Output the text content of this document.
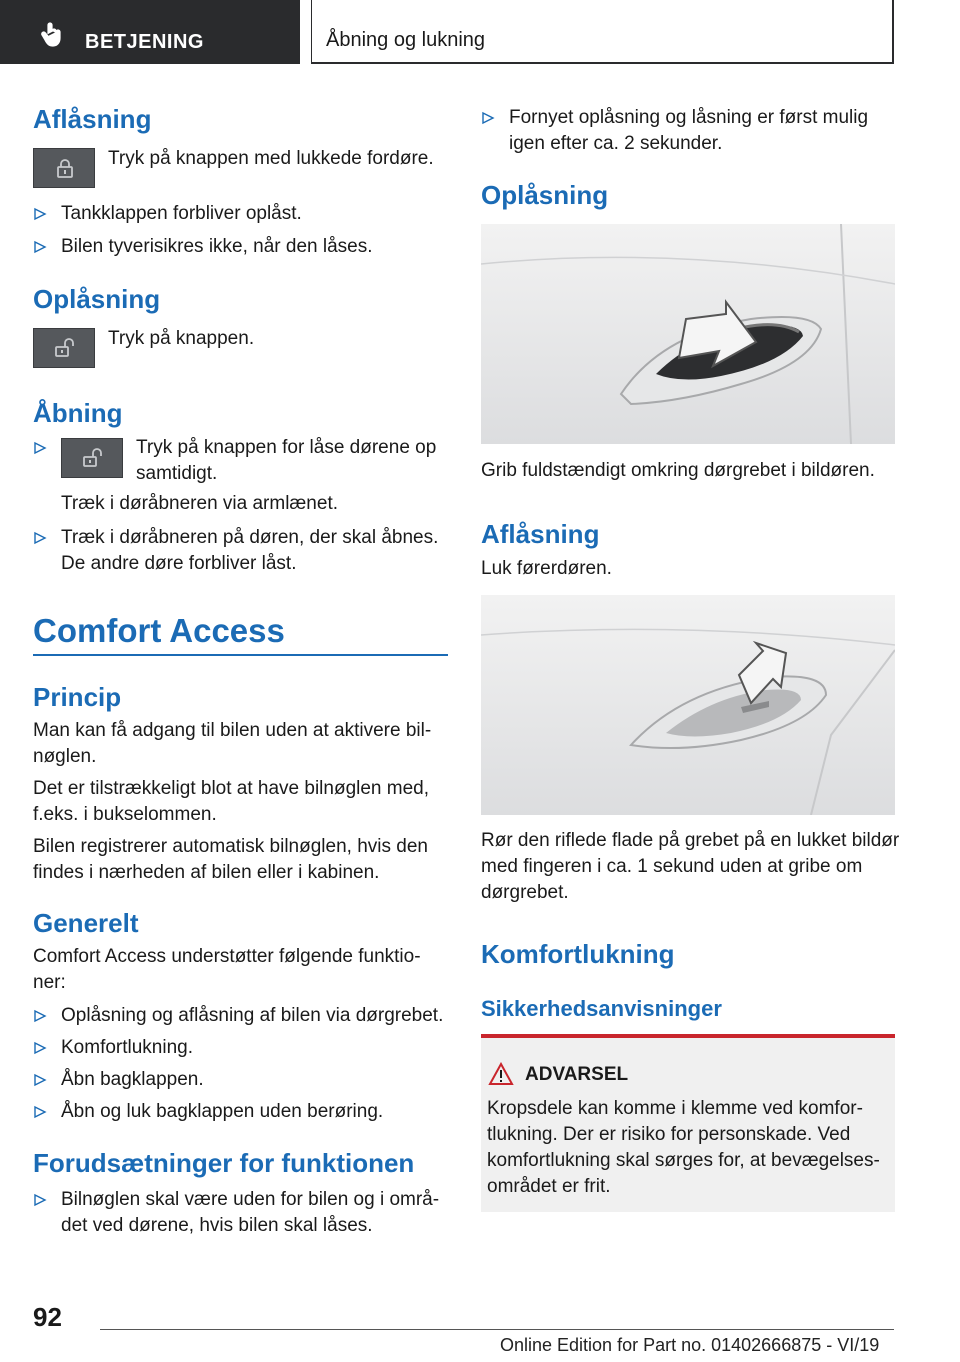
BETJENING	Åbning og lukning
Aflåsning

Tryk på knappen med lukkede fordøre.

Tankklappen forbliver oplåst.
Bilen tyverisikres ikke, når den låses.
Oplåsning

Tryk på knappen.

Åbning

Tryk på knappen for låse dørene op

samtidigt.

Træk i døråbneren via armlænet.

Træk i døråbneren på døren, der skal åbnes.

De andre døre forbliver låst.

Comfort Access
Princip

Man kan få adgang til bilen uden at aktivere bil-

nøglen.

Det er tilstrækkeligt blot at have bilnøglen med,

f.eks. i bukselommen.

Bilen registrerer automatisk bilnøglen, hvis den

findes i nærheden af bilen eller i kabinen.

Generelt

Comfort Access understøtter følgende funktio-

ner:

Oplåsning og aflåsning af bilen via dørgrebet.
Komfortlukning.
Åbn bagklappen.
Åbn og luk bagklappen uden berøring.
Forudsætninger for funktionen

Bilnøglen skal være uden for bilen og i områ-

det ved dørene, hvis bilen skal låses.

Fornyet oplåsning og låsning er først mulig

igen efter ca. 2 sekunder.

Oplåsning

Grib fuldstændigt omkring dørgrebet i bildøren.

Aflåsning

Luk førerdøren.

Rør den riflede flade på grebet på en lukket bildør

med fingeren i ca. 1 sekund uden at gribe om

dørgrebet.

Komfortlukning
Sikkerhedsanvisninger
ADVARSEL

Kropsdele kan komme i klemme ved komfor-

tlukning. Der er risiko for personskade. Ved

komfortlukning skal sørges for, at bevægelses-

området er frit.

92
Online Edition for Part no. 01402666875 - VI/19
